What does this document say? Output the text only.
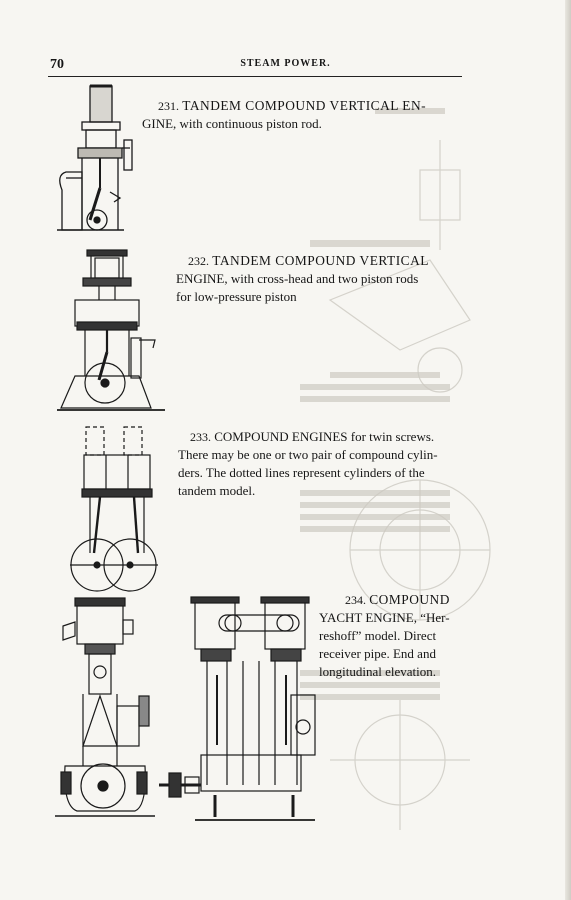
70	STEAM POWER.
231. TANDEM COMPOUND VERTICAL EN-
GINE, with continuous piston rod.
232. TANDEM COMPOUND VERTICAL
ENGINE, with cross-head and two piston rods
for low-pressure piston
233. COMPOUND ENGINES for twin screws.
There may be one or two pair of compound cylin-
ders. The dotted lines represent cylinders of the
tandem model.
234. COMPOUND
YACHT ENGINE, “Her-
reshoff” model. Direct
receiver pipe. End and
longitudinal elevation.
